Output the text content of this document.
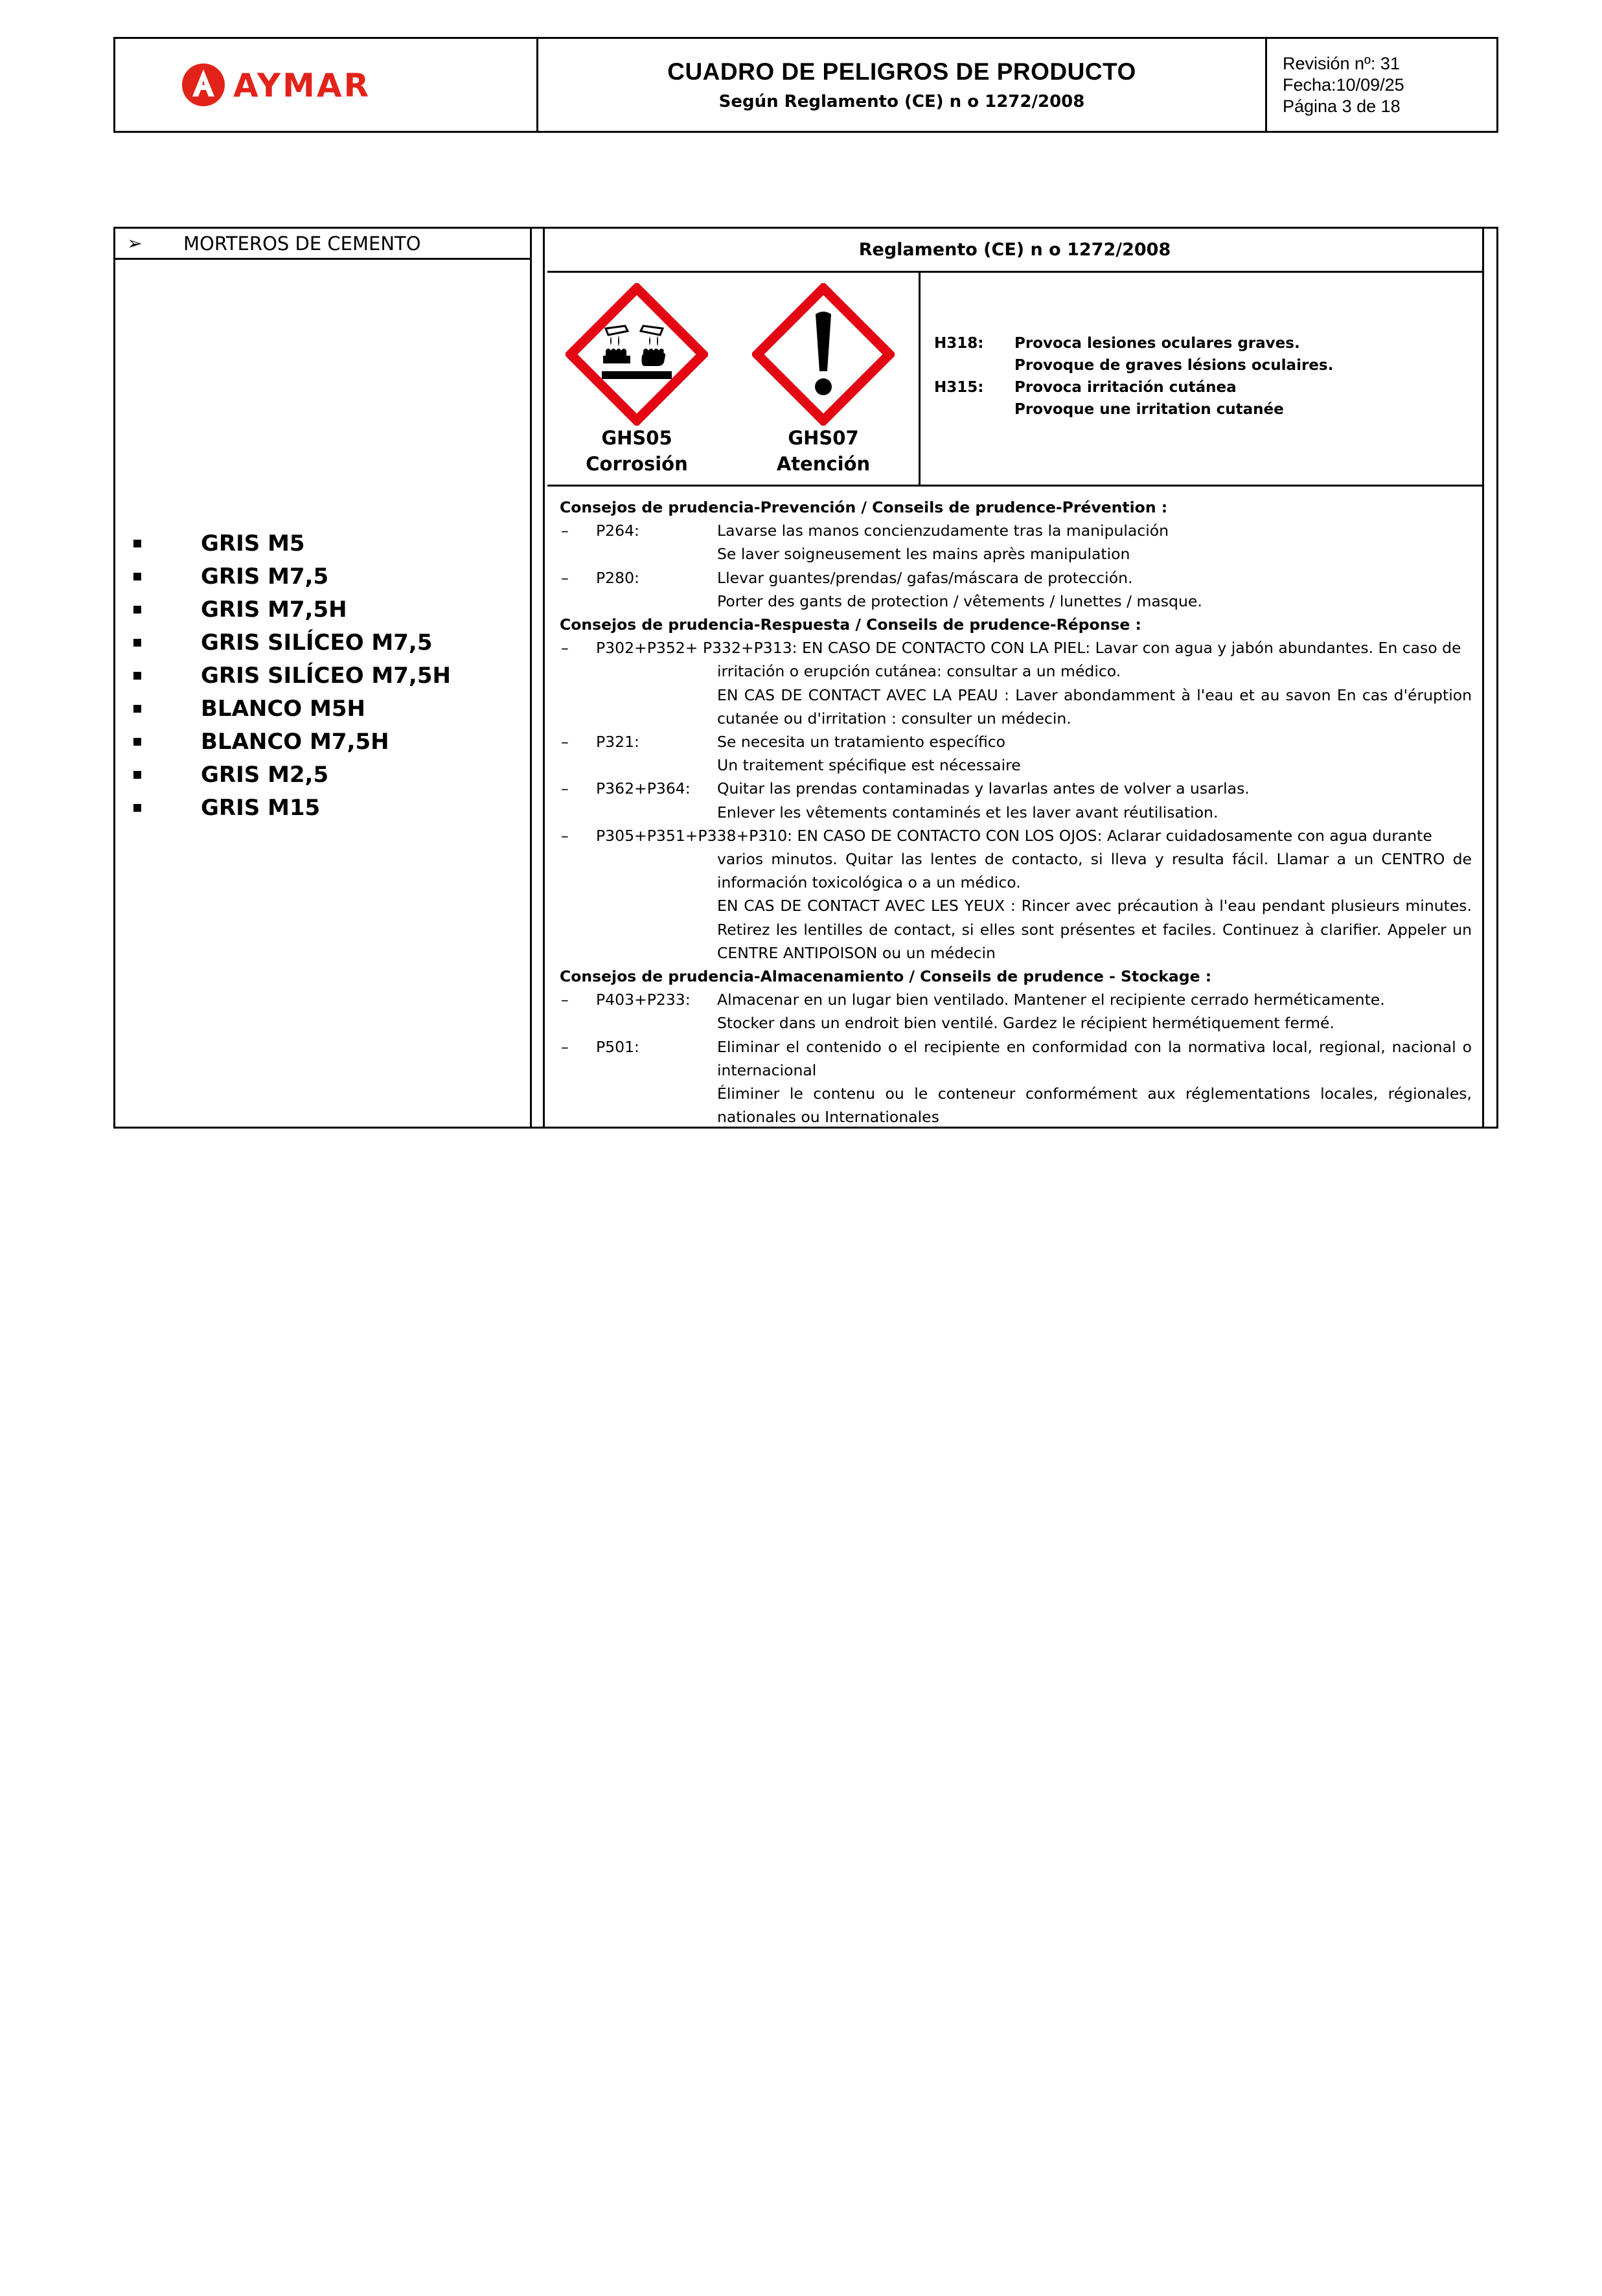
AYMAR	CUADRO DE PELIGROS DE PRODUCTO
Según Reglamento (CE) n o 1272/2008
Revisión nº: 31
Fecha:10/09/25
Página 3 de 18
➢	MORTEROS DE CEMENTO
GRIS M5
GRIS M7,5
GRIS M7,5H
GRIS SILÍCEO M7,5
GRIS SILÍCEO M7,5H
BLANCO M5H
BLANCO M7,5H
GRIS M2,5
GRIS M15
Reglamento (CE) n o 1272/2008
GHS05
Corrosión
GHS07
Atención
H318:	Provoca lesiones oculares graves.
Provoque de graves lésions oculaires.
H315:	Provoca irritación cutánea
Provoque une irritation cutanée
Consejos de prudencia-Prevención / Conseils de prudence-Prévention :
–	P264:	Lavarse las manos concienzudamente tras la manipulación
Se laver soigneusement les mains après manipulation
–	P280:	Llevar guantes/prendas/ gafas/máscara de protección.
Porter des gants de protection / vêtements / lunettes / masque.
Consejos de prudencia-Respuesta / Conseils de prudence-Réponse :
–	P302+P352+ P332+P313: EN CASO DE CONTACTO CON LA PIEL: Lavar con agua y jabón abundantes. En caso de
irritación o erupción cutánea: consultar a un médico.
EN CAS DE CONTACT AVEC LA PEAU : Laver abondamment à l'eau et au savon En cas d'éruption cutanée ou d'irritation : consulter un médecin.
–	P321:	Se necesita un tratamiento específico
Un traitement spécifique est nécessaire
–	P362+P364:	Quitar las prendas contaminadas y lavarlas antes de volver a usarlas.
Enlever les vêtements contaminés et les laver avant réutilisation.
–	P305+P351+P338+P310: EN CASO DE CONTACTO CON LOS OJOS: Aclarar cuidadosamente con agua durante
varios minutos. Quitar las lentes de contacto, si lleva y resulta fácil. Llamar a un CENTRO de información toxicológica o a un médico.
EN CAS DE CONTACT AVEC LES YEUX : Rincer avec précaution à l'eau pendant plusieurs minutes. Retirez les lentilles de contact, si elles sont présentes et faciles. Continuez à clarifier. Appeler un CENTRE ANTIPOISON ou un médecin
Consejos de prudencia-Almacenamiento / Conseils de prudence - Stockage :
–	P403+P233:	Almacenar en un lugar bien ventilado. Mantener el recipiente cerrado herméticamente.
Stocker dans un endroit bien ventilé. Gardez le récipient hermétiquement fermé.
–	P501:	Eliminar el contenido o el recipiente en conformidad con la normativa local, regional, nacional o internacional
Éliminer le contenu ou le conteneur conformément aux réglementations locales, régionales, nationales ou Internationales
